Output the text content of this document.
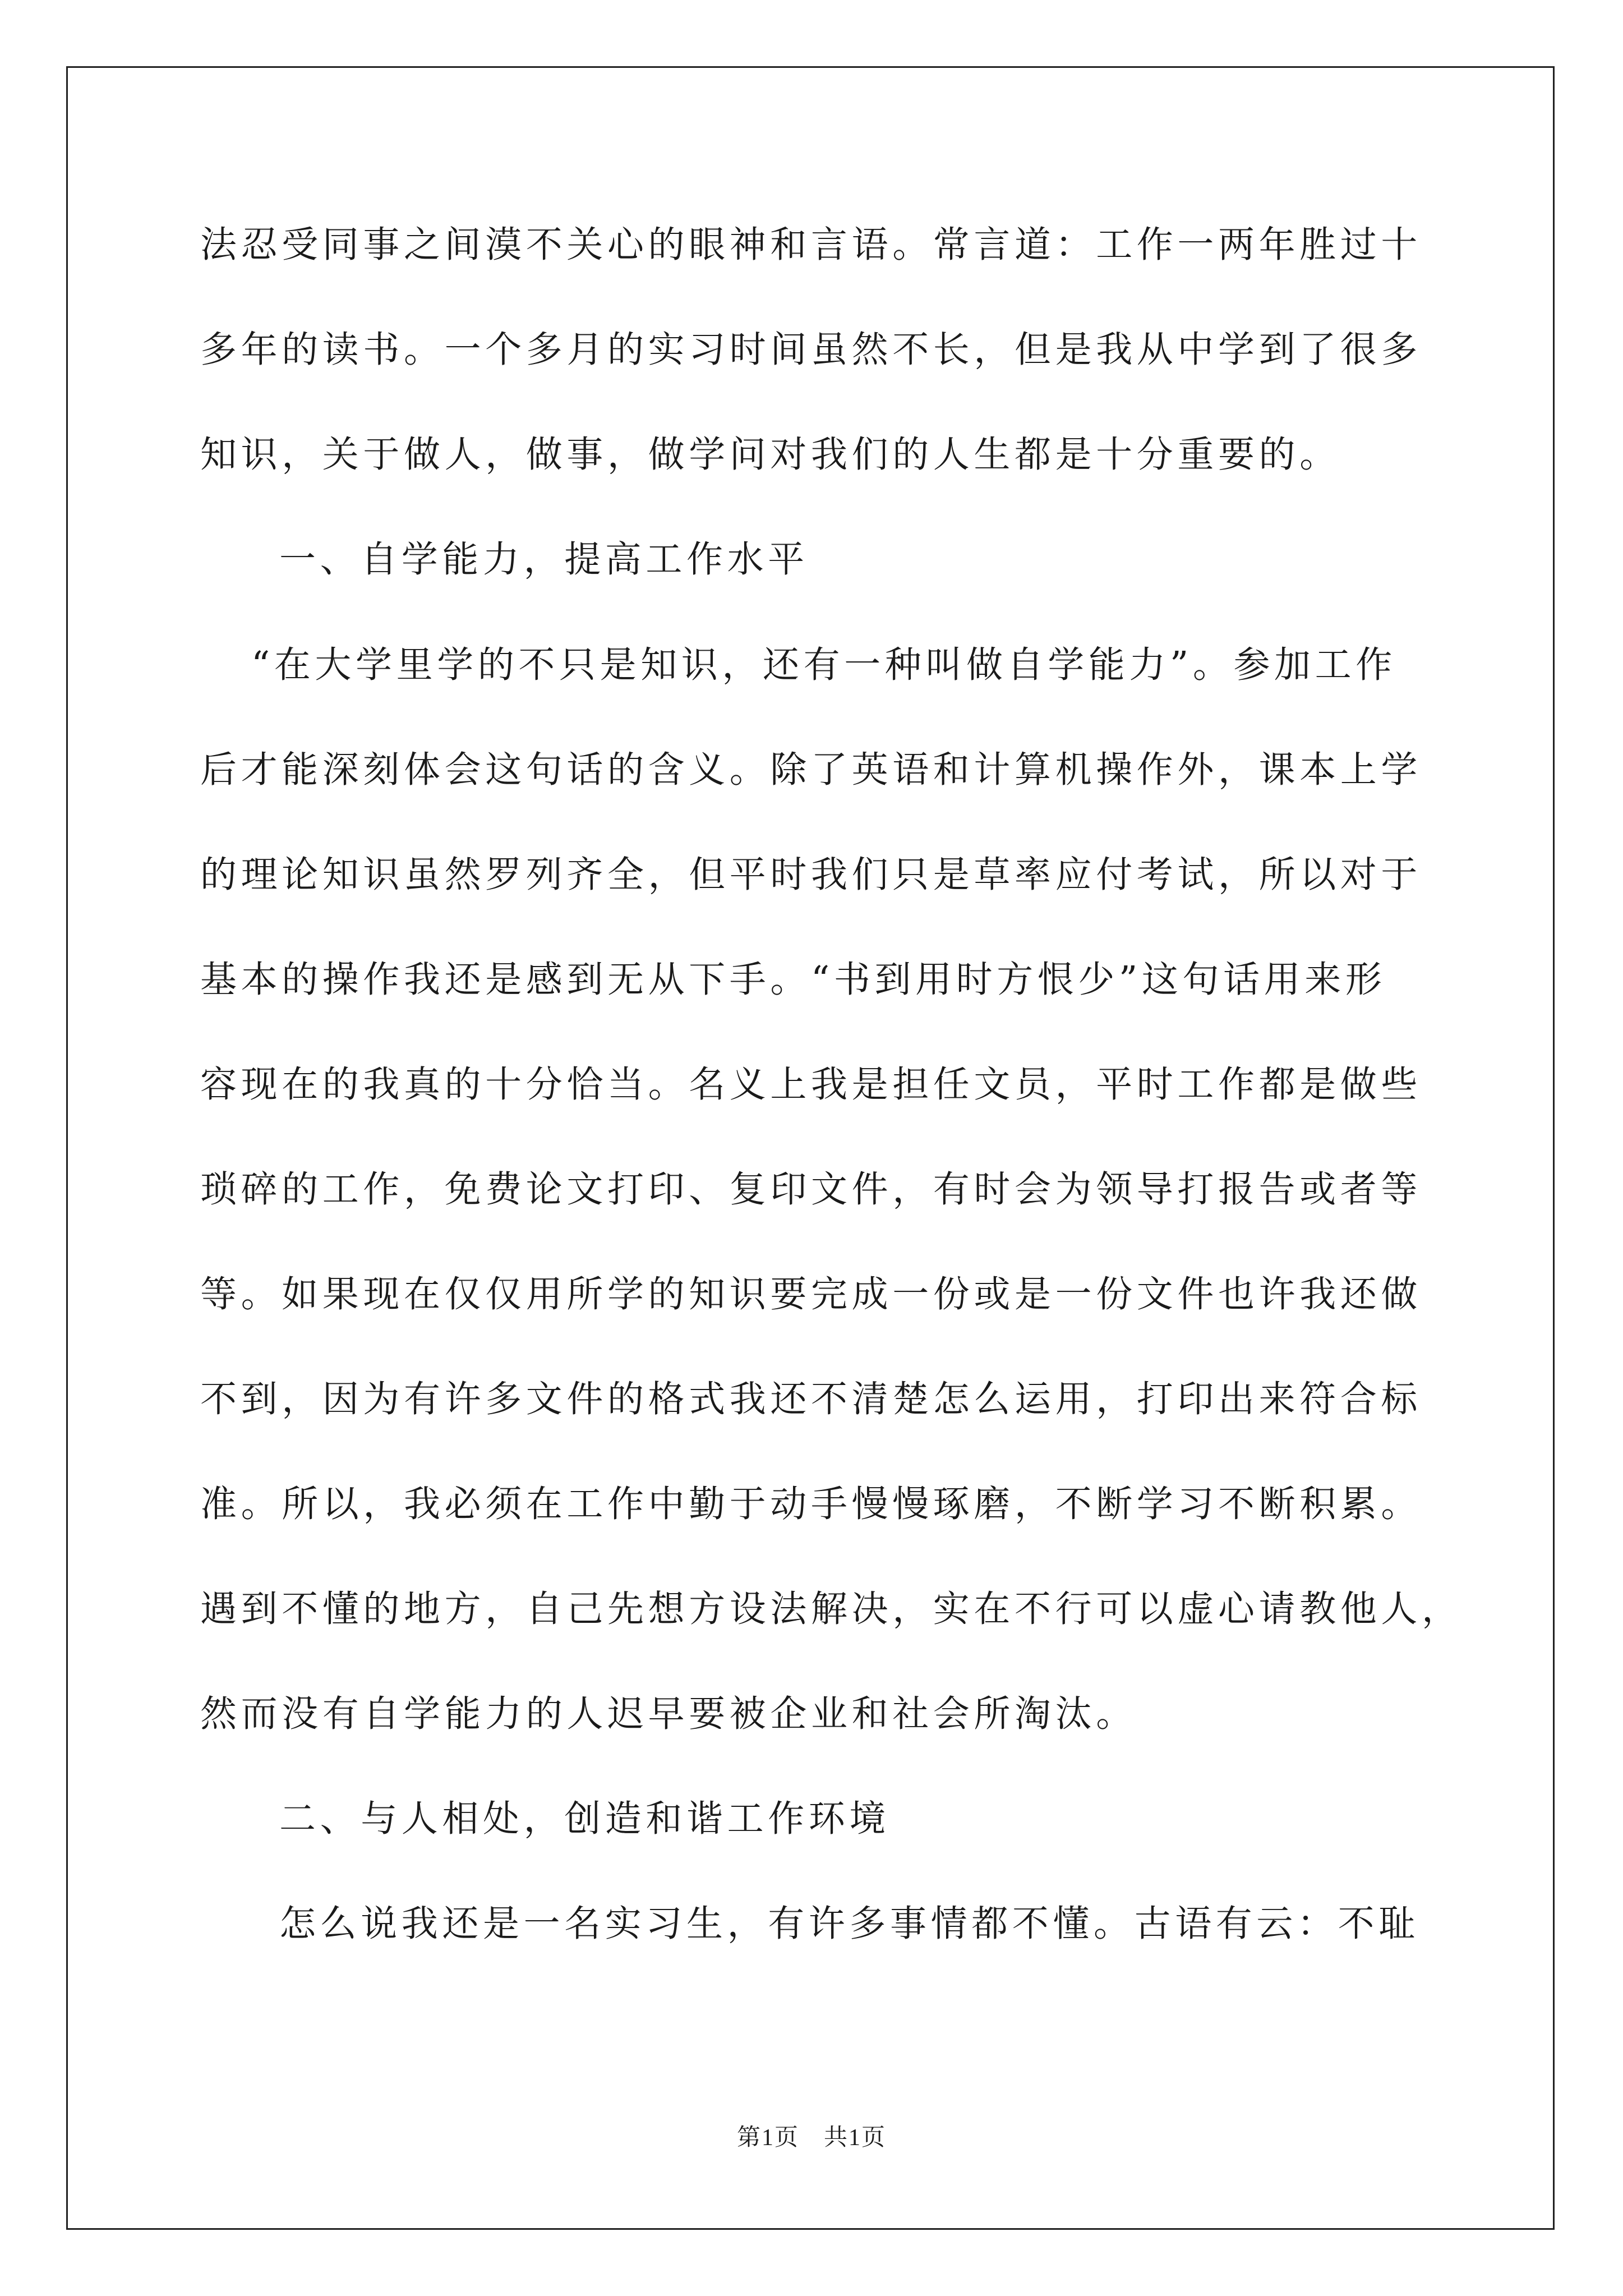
法忍受同事之间漠不关心的眼神和言语。常言道：工作一两年胜过十
多年的读书。一个多月的实习时间虽然不长，但是我从中学到了很多
知识，关于做人，做事，做学问对我们的人生都是十分重要的。
一、自学能力，提高工作水平
“在大学里学的不只是知识，还有一种叫做自学能力”。参加工作
后才能深刻体会这句话的含义。除了英语和计算机操作外，课本上学
的理论知识虽然罗列齐全，但平时我们只是草率应付考试，所以对于
基本的操作我还是感到无从下手。“书到用时方恨少”这句话用来形
容现在的我真的十分恰当。名义上我是担任文员，平时工作都是做些
琐碎的工作，免费论文打印、复印文件，有时会为领导打报告或者等
等。如果现在仅仅用所学的知识要完成一份或是一份文件也许我还做
不到，因为有许多文件的格式我还不清楚怎么运用，打印出来符合标
准。所以，我必须在工作中勤于动手慢慢琢磨，不断学习不断积累。
遇到不懂的地方，自己先想方设法解决，实在不行可以虚心请教他人，
然而没有自学能力的人迟早要被企业和社会所淘汰。
二、与人相处，创造和谐工作环境
怎么说我还是一名实习生，有许多事情都不懂。古语有云：不耻
第1页　共1页
